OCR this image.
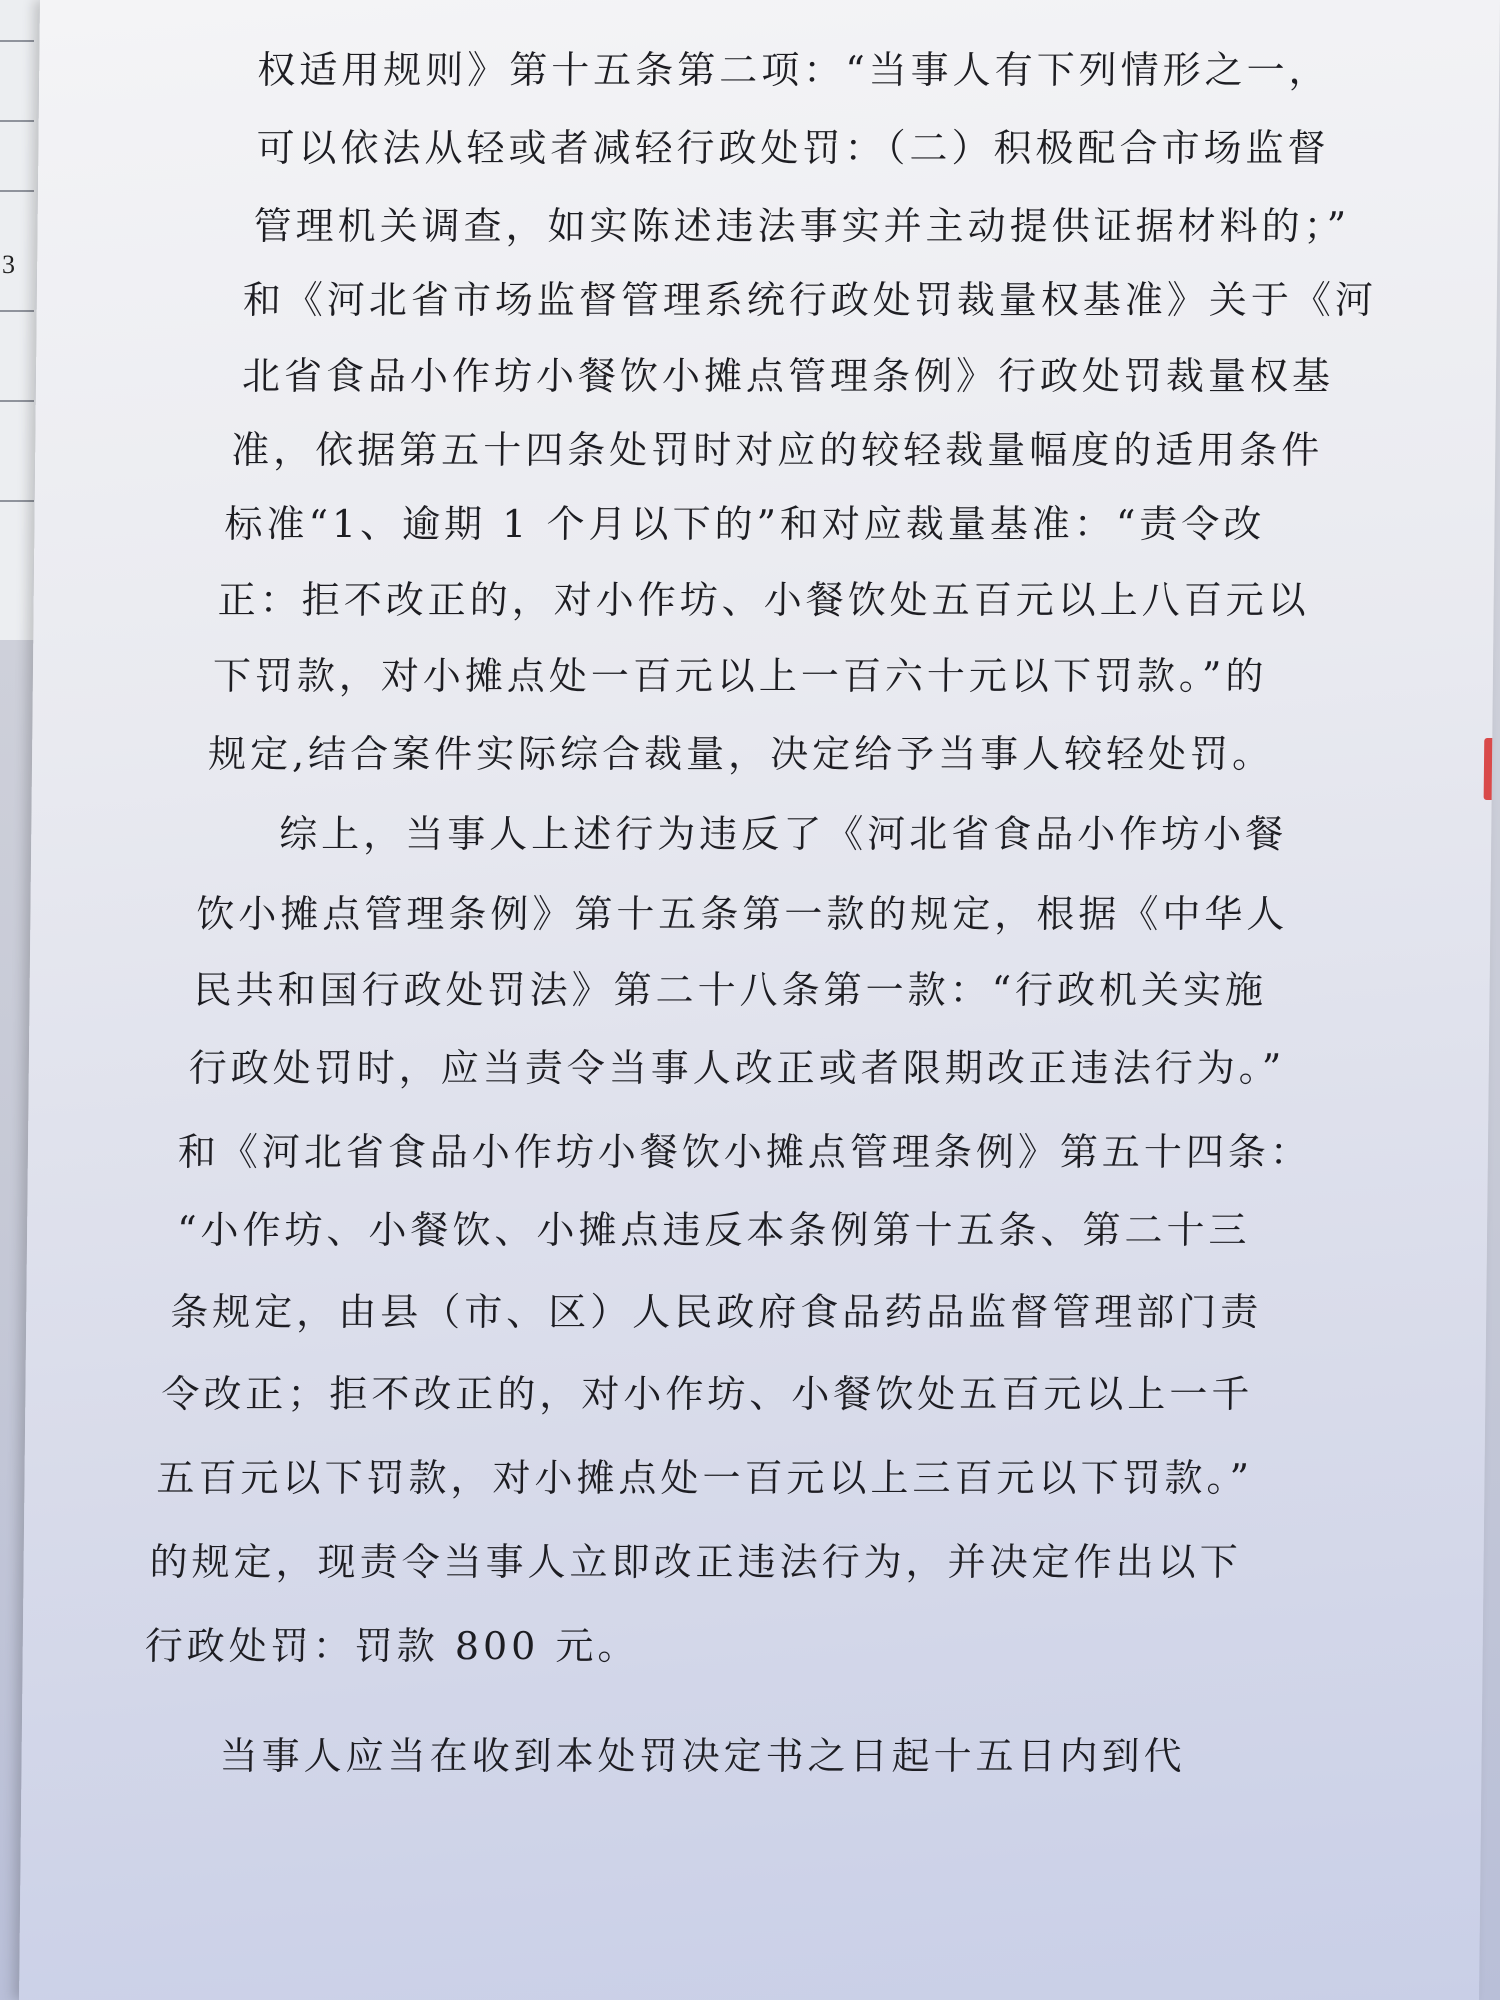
3
权适用规则》第十五条第二项：“当事人有下列情形之一，
可以依法从轻或者减轻行政处罚：（二）积极配合市场监督
管理机关调查，如实陈述违法事实并主动提供证据材料的；”
和《河北省市场监督管理系统行政处罚裁量权基准》关于《河
北省食品小作坊小餐饮小摊点管理条例》行政处罚裁量权基
准，依据第五十四条处罚时对应的较轻裁量幅度的适用条件
标准“1、逾期 1 个月以下的”和对应裁量基准：“责令改
正：拒不改正的，对小作坊、小餐饮处五百元以上八百元以
下罚款，对小摊点处一百元以上一百六十元以下罚款。”的
规定,结合案件实际综合裁量，决定给予当事人较轻处罚。
综上，当事人上述行为违反了《河北省食品小作坊小餐
饮小摊点管理条例》第十五条第一款的规定，根据《中华人
民共和国行政处罚法》第二十八条第一款：“行政机关实施
行政处罚时，应当责令当事人改正或者限期改正违法行为。”
和《河北省食品小作坊小餐饮小摊点管理条例》第五十四条：
“小作坊、小餐饮、小摊点违反本条例第十五条、第二十三
条规定，由县（市、区）人民政府食品药品监督管理部门责
令改正；拒不改正的，对小作坊、小餐饮处五百元以上一千
五百元以下罚款，对小摊点处一百元以上三百元以下罚款。”
的规定，现责令当事人立即改正违法行为，并决定作出以下
行政处罚：罚款 800 元。
当事人应当在收到本处罚决定书之日起十五日内到代
